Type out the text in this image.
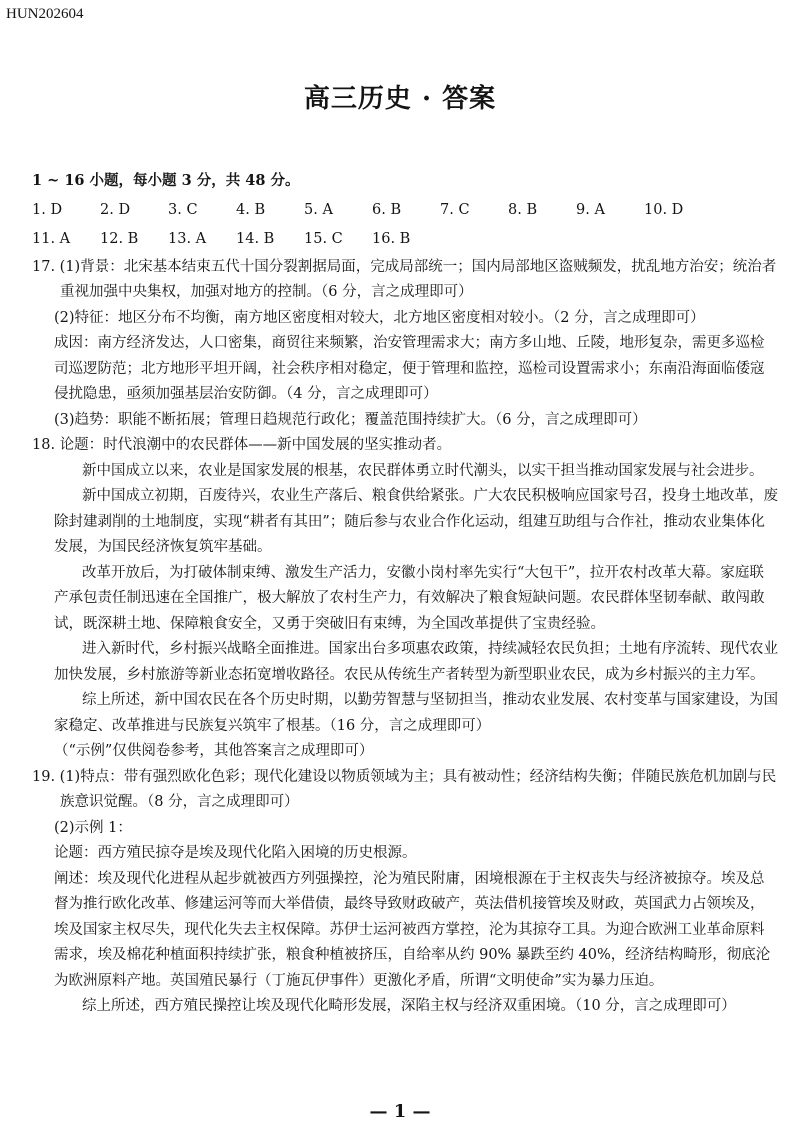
HUN202604
高三历史 · 答案
1 ~ 16 小题，每小题 3 分，共 48 分。
1. D	2. D	3. C	4. B	5. A	6. B	7. C	8. B	9. A	10. D
11. A	12. B	13. A	14. B	15. C	16. B
17. (1)背景：北宋基本结束五代十国分裂割据局面，完成局部统一；国内局部地区盗贼频发，扰乱地方治安；统治者重视加强中央集权，加强对地方的控制。（6 分，言之成理即可）
(2)特征：地区分布不均衡，南方地区密度相对较大，北方地区密度相对较小。（2 分，言之成理即可）
成因：南方经济发达，人口密集，商贸往来频繁，治安管理需求大；南方多山地、丘陵，地形复杂，需更多巡检司巡逻防范；北方地形平坦开阔，社会秩序相对稳定，便于管理和监控，巡检司设置需求小；东南沿海面临倭寇侵扰隐患，亟须加强基层治安防御。（4 分，言之成理即可）
(3)趋势：职能不断拓展；管理日趋规范行政化；覆盖范围持续扩大。（6 分，言之成理即可）
18. 论题：时代浪潮中的农民群体——新中国发展的坚实推动者。
新中国成立以来，农业是国家发展的根基，农民群体勇立时代潮头，以实干担当推动国家发展与社会进步。
新中国成立初期，百废待兴，农业生产落后、粮食供给紧张。广大农民积极响应国家号召，投身土地改革，废除封建剥削的土地制度，实现“耕者有其田”；随后参与农业合作化运动，组建互助组与合作社，推动农业集体化发展，为国民经济恢复筑牢基础。
改革开放后，为打破体制束缚、激发生产活力，安徽小岗村率先实行“大包干”，拉开农村改革大幕。家庭联产承包责任制迅速在全国推广，极大解放了农村生产力，有效解决了粮食短缺问题。农民群体坚韧奉献、敢闯敢试，既深耕土地、保障粮食安全，又勇于突破旧有束缚，为全国改革提供了宝贵经验。
进入新时代，乡村振兴战略全面推进。国家出台多项惠农政策，持续减轻农民负担；土地有序流转、现代农业加快发展，乡村旅游等新业态拓宽增收路径。农民从传统生产者转型为新型职业农民，成为乡村振兴的主力军。
综上所述，新中国农民在各个历史时期，以勤劳智慧与坚韧担当，推动农业发展、农村变革与国家建设，为国家稳定、改革推进与民族复兴筑牢了根基。（16 分，言之成理即可）
（“示例”仅供阅卷参考，其他答案言之成理即可）
19. (1)特点：带有强烈欧化色彩；现代化建设以物质领域为主；具有被动性；经济结构失衡；伴随民族危机加剧与民族意识觉醒。（8 分，言之成理即可）
(2)示例 1：
论题：西方殖民掠夺是埃及现代化陷入困境的历史根源。
阐述：埃及现代化进程从起步就被西方列强操控，沦为殖民附庸，困境根源在于主权丧失与经济被掠夺。埃及总督为推行欧化改革、修建运河等而大举借债，最终导致财政破产，英法借机接管埃及财政，英国武力占领埃及，埃及国家主权尽失，现代化失去主权保障。苏伊士运河被西方掌控，沦为其掠夺工具。为迎合欧洲工业革命原料需求，埃及棉花种植面积持续扩张，粮食种植被挤压，自给率从约 90% 暴跌至约 40%，经济结构畸形，彻底沦为欧洲原料产地。英国殖民暴行（丁施瓦伊事件）更激化矛盾，所谓“文明使命”实为暴力压迫。
综上所述，西方殖民操控让埃及现代化畸形发展，深陷主权与经济双重困境。（10 分，言之成理即可）
— 1 —
